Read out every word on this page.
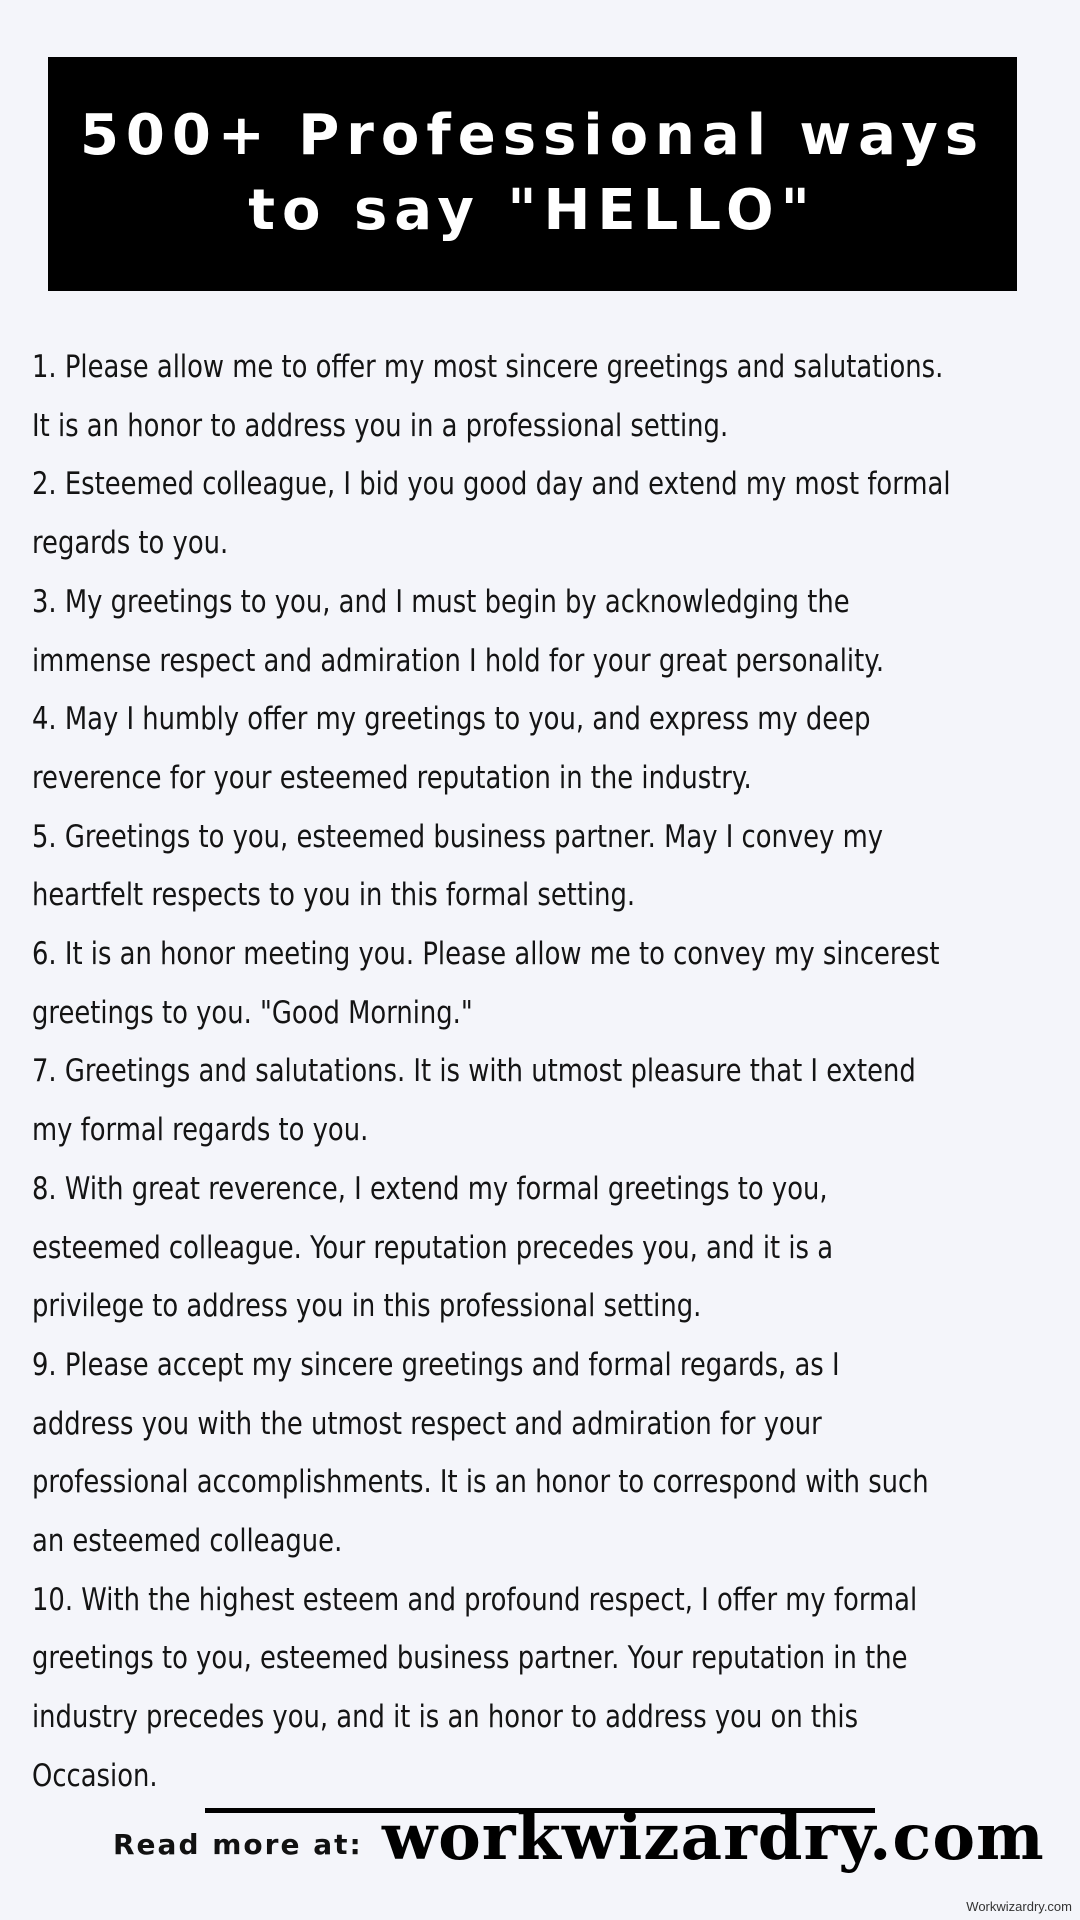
500+ Professional ways
to say "HELLO"
1. Please allow me to offer my most sincere greetings and salutations.
It is an honor to address you in a professional setting.
2. Esteemed colleague, I bid you good day and extend my most formal
regards to you.
3. My greetings to you, and I must begin by acknowledging the
immense respect and admiration I hold for your great personality.
4. May I humbly offer my greetings to you, and express my deep
reverence for your esteemed reputation in the industry.
5. Greetings to you, esteemed business partner. May I convey my
heartfelt respects to you in this formal setting.
6. It is an honor meeting you. Please allow me to convey my sincerest
greetings to you. "Good Morning."
7. Greetings and salutations. It is with utmost pleasure that I extend
my formal regards to you.
8. With great reverence, I extend my formal greetings to you,
esteemed colleague. Your reputation precedes you, and it is a
privilege to address you in this professional setting.
9. Please accept my sincere greetings and formal regards, as I
address you with the utmost respect and admiration for your
professional accomplishments. It is an honor to correspond with such
an esteemed colleague.
10. With the highest esteem and profound respect, I offer my formal
greetings to you, esteemed business partner. Your reputation in the
industry precedes you, and it is an honor to address you on this
Occasion.
Read more at: workwizardry.com
Workwizardry.com
